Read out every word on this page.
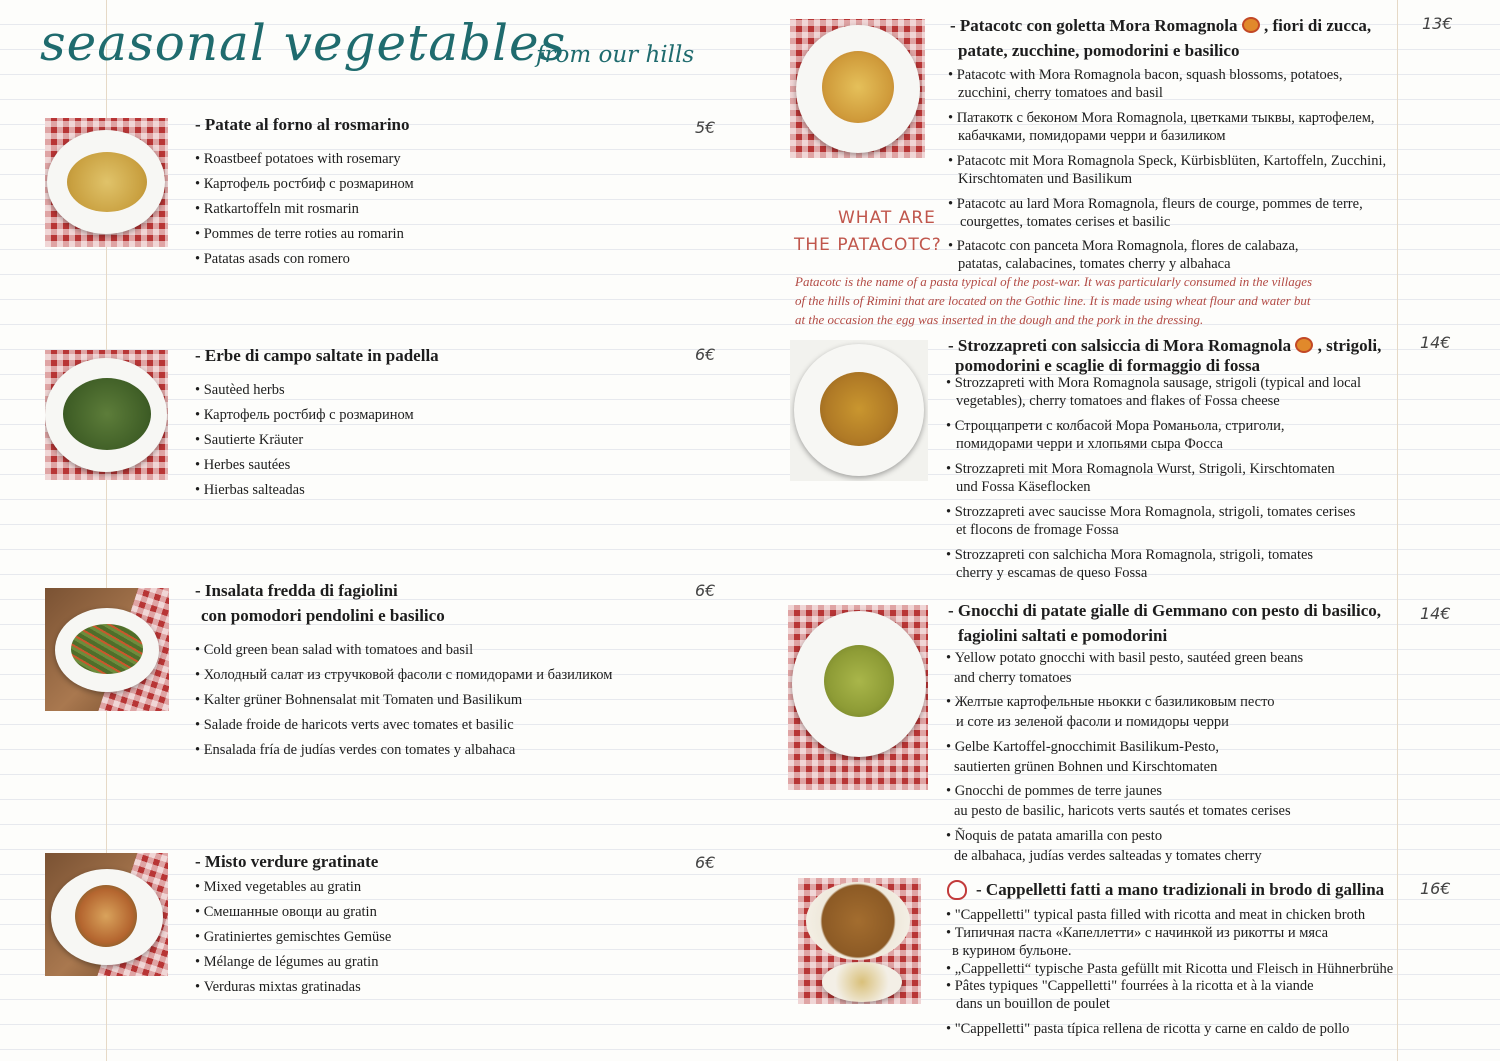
seasonal vegetables
from our hills
- Patate al forno al rosmarino	5€
• Roastbeef potatoes with rosemary
• Картофель ростбиф с розмарином
• Ratkartoffeln mit rosmarin
• Pommes de terre roties au romarin
• Patatas asads con romero
- Erbe di campo saltate in padella	6€
• Sautèed herbs
• Картофель ростбиф с розмарином
• Sautierte Kräuter
• Herbes sautées
• Hierbas salteadas
- Insalata fredda di fagiolini
con pomodori pendolini e basilico
6€
• Cold green bean salad with tomatoes and basil
• Холодный салат из стручковой фасоли с помидорами и базиликом
• Kalter grüner Bohnensalat mit Tomaten und Basilikum
• Salade froide de haricots verts avec tomates et basilic
• Ensalada fría de judías verdes con tomates y albahaca
- Misto verdure gratinate	6€
• Mixed vegetables au gratin
• Смешанные овощи au gratin
• Gratiniertes gemischtes Gemüse
• Mélange de légumes au gratin
• Verduras mixtas gratinadas
- Patacotc con goletta Mora Romagnola , fiori di zucca,
patate, zucchine, pomodorini e basilico
13€
• Patacotc with Mora Romagnola bacon, squash blossoms, potatoes,
zucchini, cherry tomatoes and basil
• Патакотк с беконом Mora Romagnola, цветками тыквы, картофелем,
кабачками, помидорами черри и базиликом
• Patacotc mit Mora Romagnola Speck, Kürbisblüten, Kartoffeln, Zucchini,
Kirschtomaten und Basilikum
• Patacotc au lard Mora Romagnola, fleurs de courge, pommes de terre,
courgettes, tomates cerises et basilic
• Patacotc con panceta Mora Romagnola, flores de calabaza,
patatas, calabacines, tomates cherry y albahaca
WHAT ARE
THE PATACOTC?
Patacotc is the name of a pasta typical of the post-war. It was particularly consumed in the villages
of the hills of Rimini that are located on the Gothic line. It is made using wheat flour and water but
at the occasion the egg was inserted in the dough and the pork in the dressing.
- Strozzapreti con salsiccia di Mora Romagnola , strigoli,
pomodorini e scaglie di formaggio di fossa
14€
• Strozzapreti with Mora Romagnola sausage, strigoli (typical and local
vegetables), cherry tomatoes and flakes of Fossa cheese
• Строццапрети с колбасой Мора Романьола, стриголи,
помидорами черри и хлопьями сыра Фосса
• Strozzapreti mit Mora Romagnola Wurst, Strigoli, Kirschtomaten
und Fossa Käseflocken
• Strozzapreti avec saucisse Mora Romagnola, strigoli, tomates cerises
et flocons de fromage Fossa
• Strozzapreti con salchicha Mora Romagnola, strigoli, tomates
cherry y escamas de queso Fossa
- Gnocchi di patate gialle di Gemmano con pesto di basilico,
fagiolini saltati e pomodorini
14€
• Yellow potato gnocchi with basil pesto, sautéed green beans
and cherry tomatoes
• Желтые картофельные ньокки с базиликовым песто
и соте из зеленой фасоли и помидоры черри
• Gelbe Kartoffel-gnocchimit Basilikum-Pesto,
sautierten grünen Bohnen und Kirschtomaten
• Gnocchi de pommes de terre jaunes
au pesto de basilic, haricots verts sautés et tomates cerises
• Ñoquis de patata amarilla con pesto
de albahaca, judías verdes salteadas y tomates cherry
- Cappelletti fatti a mano tradizionali in brodo di gallina 16€
• "Cappelletti" typical pasta filled with ricotta and meat in chicken broth
• Типичная паста «Капеллетти» с начинкой из рикотты и мяса
в курином бульоне.
• „Cappelletti“ typische Pasta gefüllt mit Ricotta und Fleisch in Hühnerbrühe
• Pâtes typiques "Cappelletti" fourrées à la ricotta et à la viande
dans un bouillon de poulet
• "Cappelletti" pasta típica rellena de ricotta y carne en caldo de pollo
